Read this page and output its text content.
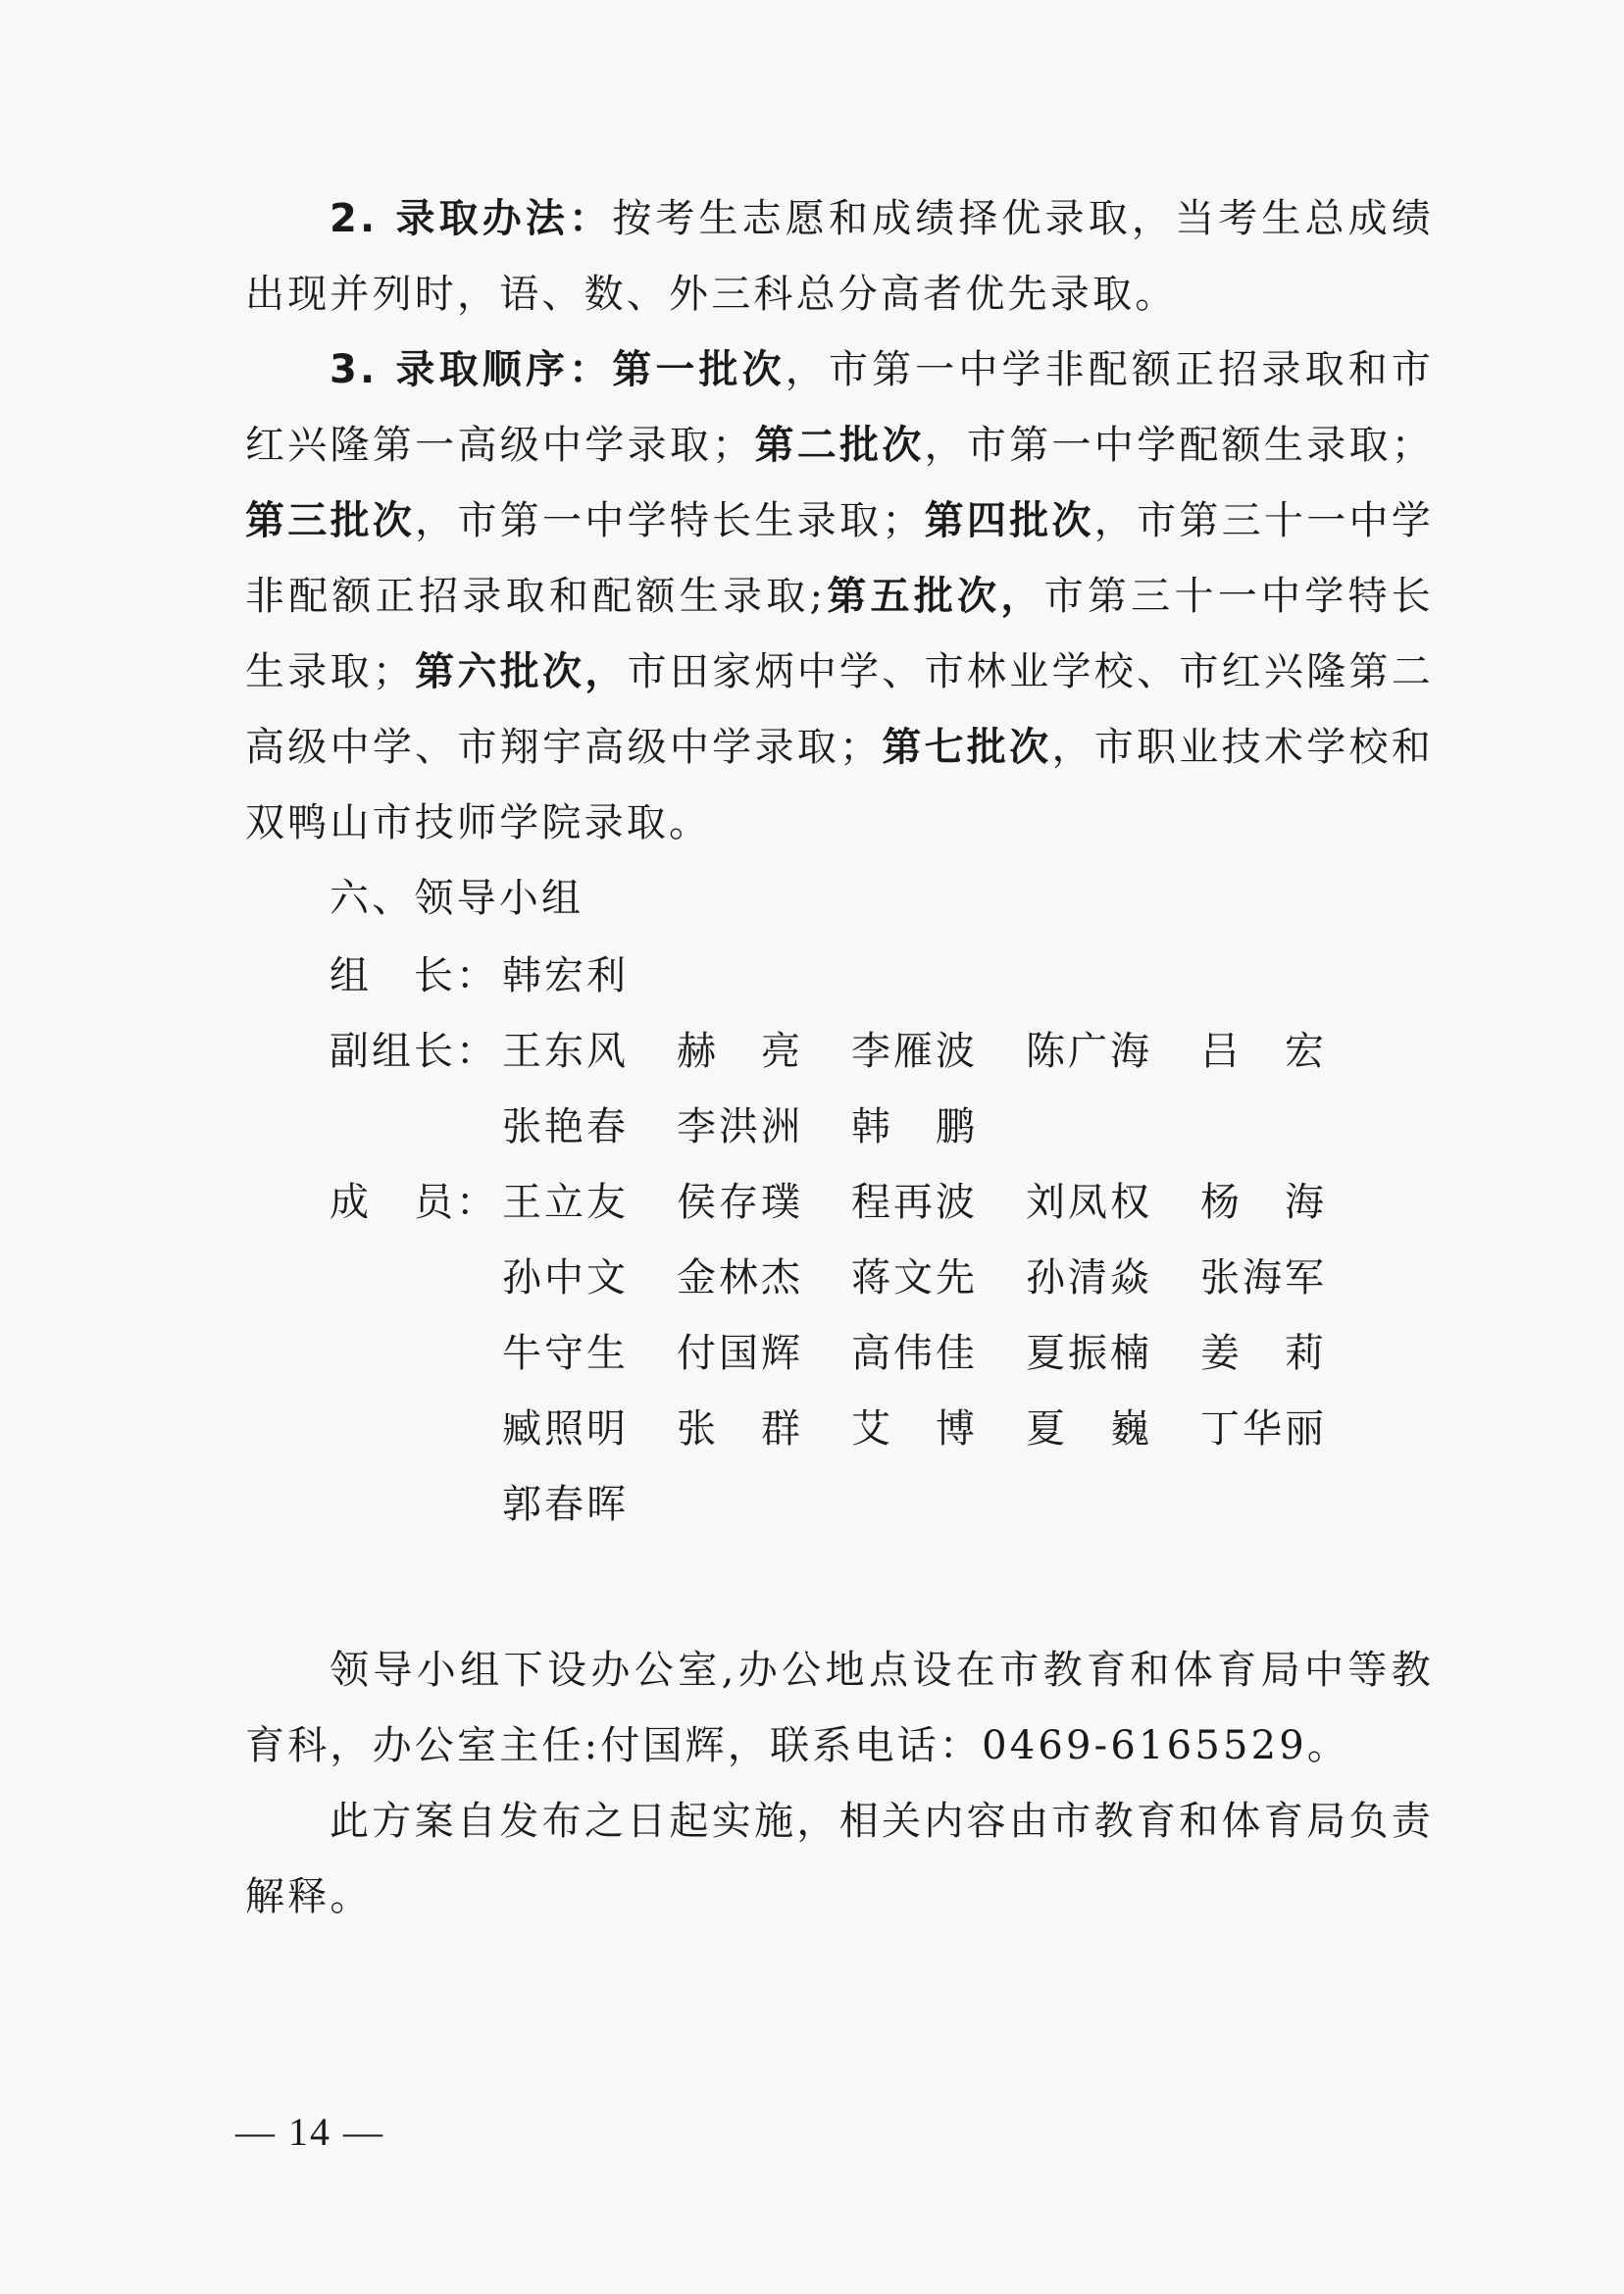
2. 录取办法：按考生志愿和成绩择优录取，当考生总成绩出现并列时，语、数、外三科总分高者优先录取。

3. 录取顺序：第一批次，市第一中学非配额正招录取和市红兴隆第一高级中学录取；第二批次，市第一中学配额生录取；第三批次，市第一中学特长生录取；第四批次，市第三十一中学非配额正招录取和配额生录取;第五批次，市第三十一中学特长生录取；第六批次，市田家炳中学、市林业学校、市红兴隆第二高级中学、市翔宇高级中学录取；第七批次，市职业技术学校和双鸭山市技师学院录取。

六、领导小组

组　长： 韩宏利
副组长： 王东风	赫　亮	李雁波	陈广海	吕　宏
张艳春	李洪洲	韩　鹏
成　员： 王立友	侯存璞	程再波	刘凤权	杨　海
孙中文	金林杰	蒋文先	孙清焱	张海军
牛守生	付国辉	高伟佳	夏振楠	姜　莉
臧照明	张　群	艾　博	夏　巍	丁华丽
郭春晖

领导小组下设办公室,办公地点设在市教育和体育局中等教育科，办公室主任:付国辉，联系电话：0469-6165529。

此方案自发布之日起实施，相关内容由市教育和体育局负责解释。

— 14 —
